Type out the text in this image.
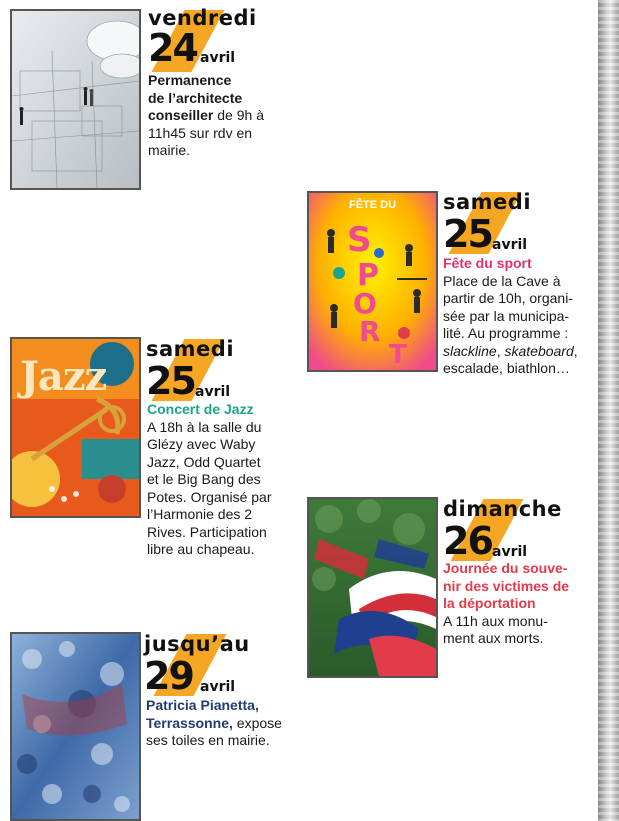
vendredi
24 avril
Permanence
de l’architecte
conseiller de 9h à
11h45 sur rdv en
mairie.
S
P
O
R
T
FÊTE DU	samedi
25 avril
Fête du sport
Place de la Cave à
partir de 10h, organi-
sée par la municipa-
lité. Au programme :
slackline, skateboard,
escalade, biathlon…
Jazz
samedi
25 avril
Concert de Jazz
A 18h à la salle du
Glézy avec Waby
Jazz, Odd Quartet
et le Big Bang des
Potes. Organisé par
l’Harmonie des 2
Rives. Participation
libre au chapeau.
dimanche
26 avril
Journée du souve-
nir des victimes de
la déportation
A 11h aux monu-
ment aux morts.
jusqu’au
29 avril
Patricia Pianetta,
Terrassonne, expose
ses toiles en mairie.
